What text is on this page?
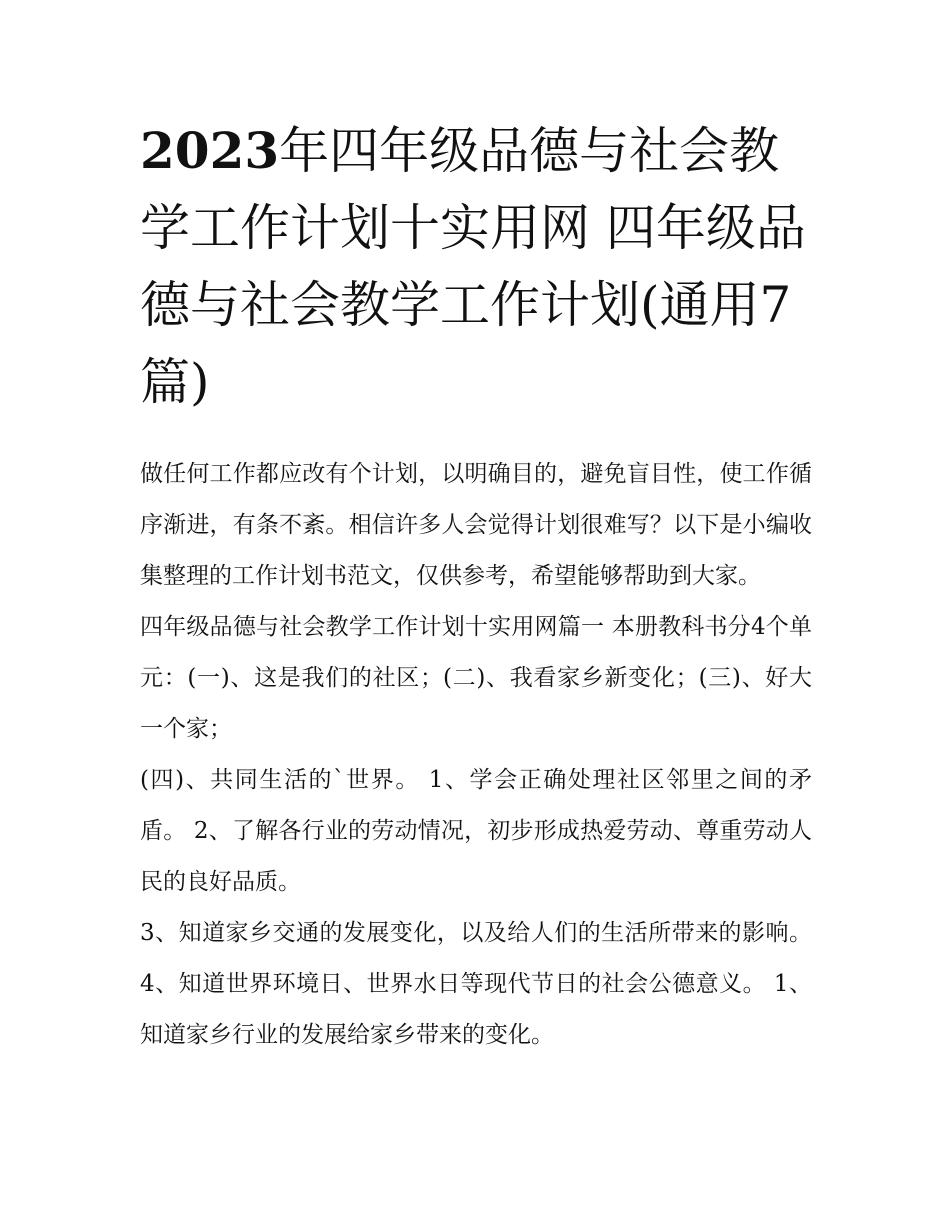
2023年四年级品德与社会教学工作计划十实用网 四年级品德与社会教学工作计划(通用7篇)

做任何工作都应改有个计划，以明确目的，避免盲目性，使工作循序渐进，有条不紊。相信许多人会觉得计划很难写？以下是小编收集整理的工作计划书范文，仅供参考，希望能够帮助到大家。

四年级品德与社会教学工作计划十实用网篇一 本册教科书分4个单元：(一)、这是我们的社区；(二)、我看家乡新变化；(三)、好大一个家；

(四)、共同生活的`世界。 1、学会正确处理社区邻里之间的矛盾。 2、了解各行业的劳动情况，初步形成热爱劳动、尊重劳动人民的良好品质。

3、知道家乡交通的发展变化，以及给人们的生活所带来的影响。 4、知道世界环境日、世界水日等现代节日的社会公德意义。 1、知道家乡行业的发展给家乡带来的变化。
